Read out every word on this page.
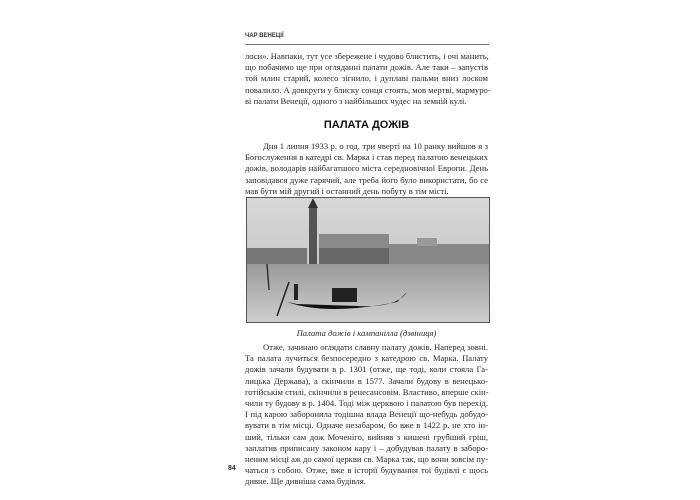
ЧАР ВЕНЕЦІЇ
лоси». Навпаки, тут усе збережене і чудово блистить, і очі манить,
що побачимо ще при огляданні палати дожів. Але таки – запустів
той млин старий, колесо зігнило, і дуплаві пальми вниз лоском
повалило. А довкруги у блиску сонця стоять, мов мертві, мармуро-
ві палати Венеції, одного з найбільших чудес на земній кулі.
ПАЛАТА ДОЖІВ
Дня 1 липня 1933 р. о год. три чверті на 10 ранку вийшов я з
Богослуження в катедрі св. Марка і став перед палатою венецьких
дожів, володарів найбагатшого міста середновічної Европи. День
заповідався дуже гарячий, але треба його було використати, бо се
мав бути мій другий і останний день побуту в тім місті.
Палата дожів і кампаніллa (дзвіниця)
Отже, зачинаю оглядати славну палату дожів. Наперед зовні.
Та палата лучиться безпосередно з катедрою св. Марка. Палату
дожів зачали будувати в р. 1301 (отже, ще тоді, коли стояла Га-
лицька Держава), а скінчили в 1577. Зачали будову в венецько-
готійськім стилі, скінчили в ренесансовім. Властиво, вперше скін-
чили ту будову в р. 1404. Тоді між церквою і палатою був перехід.
І під карою заборонила тодішна влада Венеції що-небудь добудо-
вувати в тім місці. Одначе незабаром, бо вже в 1422 р. не хто ін-
ший, тільки сам дож Моченіго, вийняв з кишені грубший гріш,
заплатив приписану законом кару і – добудував палату в заборо-
неним місці аж до самої церкви св. Марка так, що вони зовсім пу-
чаться з собою. Отже, вже в історії будування тої будівлі є щось
дивне. Ще дивніша сама будівля.
84
